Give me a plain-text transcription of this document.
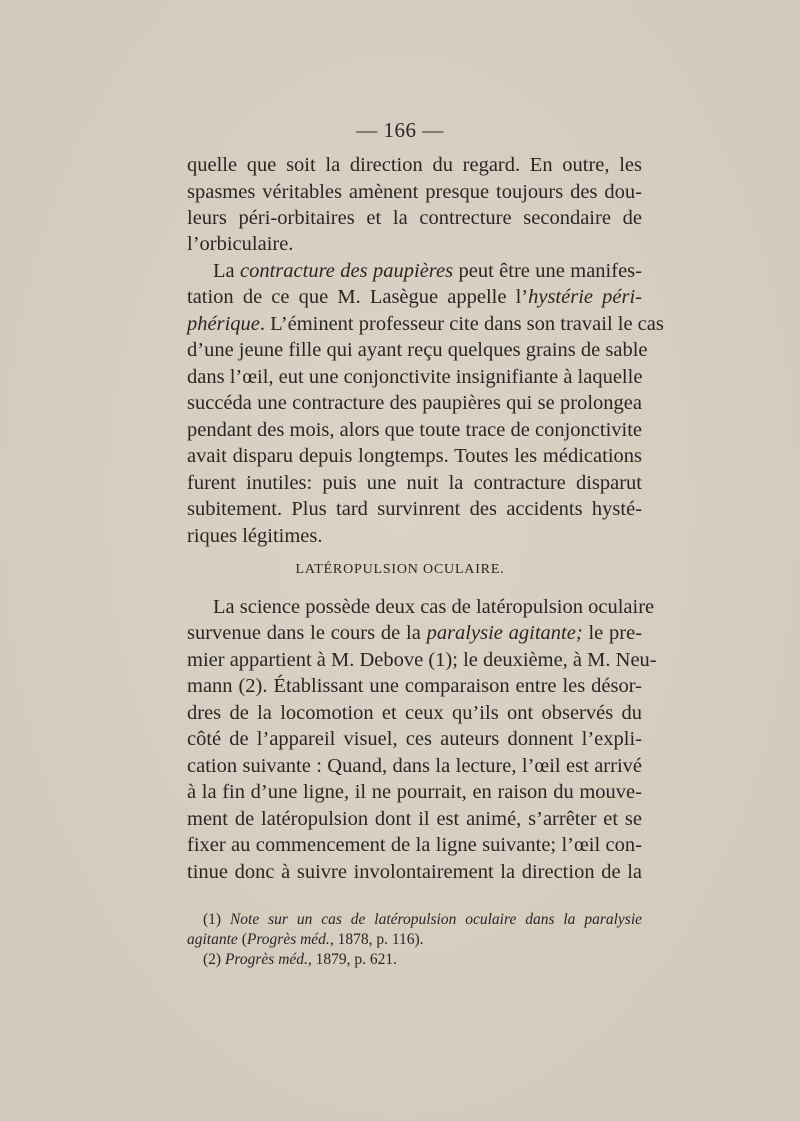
— 166 —
quelle que soit la direction du regard. En outre, les
spasmes véritables amènent presque toujours des dou-
leurs péri-orbitaires et la contrecture secondaire de
l’orbiculaire.
La contracture des paupières peut être une manifes-
tation de ce que M. Lasègue appelle l’hystérie péri-
phérique. L’éminent professeur cite dans son travail le cas
d’une jeune fille qui ayant reçu quelques grains de sable
dans l’œil, eut une conjonctivite insignifiante à laquelle
succéda une contracture des paupières qui se prolongea
pendant des mois, alors que toute trace de conjonctivite
avait disparu depuis longtemps. Toutes les médications
furent inutiles: puis une nuit la contracture disparut
subitement. Plus tard survinrent des accidents hysté-
riques légitimes.
LATÉROPULSION OCULAIRE.
La science possède deux cas de latéropulsion oculaire
survenue dans le cours de la paralysie agitante; le pre-
mier appartient à M. Debove (1); le deuxième, à M. Neu-
mann (2). Établissant une comparaison entre les désor-
dres de la locomotion et ceux qu’ils ont observés du
côté de l’appareil visuel, ces auteurs donnent l’expli-
cation suivante : Quand, dans la lecture, l’œil est arrivé
à la fin d’une ligne, il ne pourrait, en raison du mouve-
ment de latéropulsion dont il est animé, s’arrêter et se
fixer au commencement de la ligne suivante; l’œil con-
tinue donc à suivre involontairement la direction de la
(1) Note sur un cas de latéropulsion oculaire dans la paralysie
agitante (Progrès méd., 1878, p. 116).
(2) Progrès méd., 1879, p. 621.
